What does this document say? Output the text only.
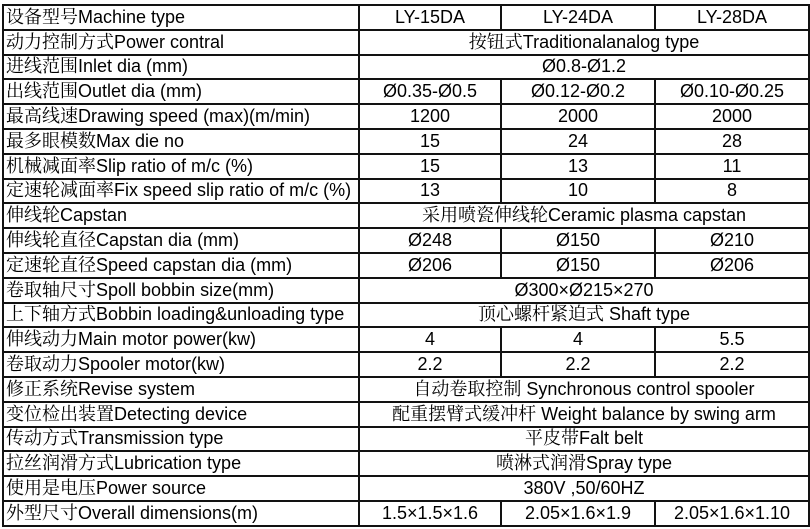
设备型号Machine type	LY-15DA	LY-24DA	LY-28DA
动力控制方式Power contral	按钮式Traditionalanalog type		
进线范围Inlet dia (mm)	Ø0.8-Ø1.2		
出线范围Outlet dia (mm)	Ø0.35-Ø0.5	Ø0.12-Ø0.2	Ø0.10-Ø0.25
最高线速Drawing speed (max)(m/min)	1200	2000	2000
最多眼模数Max die no	15	24	28
机械减面率Slip ratio of m/c (%)	15	13	11
定速轮减面率Fix speed slip ratio of m/c (%)	13	10	8
伸线轮Capstan	采用喷瓷伸线轮Ceramic plasma capstan		
伸线轮直径Capstan dia (mm)	Ø248	Ø150	Ø210
定速轮直径Speed capstan dia (mm)	Ø206	Ø150	Ø206
卷取轴尺寸Spoll bobbin size(mm)	Ø300×Ø215×270		
上下轴方式Bobbin loading&unloading type	顶心螺杆紧迫式 Shaft type		
伸线动力Main motor power(kw)	4	4	5.5
卷取动力Spooler motor(kw)	2.2	2.2	2.2
修正系统Revise system	自动卷取控制 Synchronous control spooler		
变位检出装置Detecting device	配重摆臂式缓冲杆 Weight balance by swing arm		
传动方式Transmission type	平皮带Falt belt		
拉丝润滑方式Lubrication type	喷淋式润滑Spray type		
使用是电压Power source	380V ,50/60HZ		
外型尺寸Overall dimensions(m)	1.5×1.5×1.6	2.05×1.6×1.9	2.05×1.6×1.10
